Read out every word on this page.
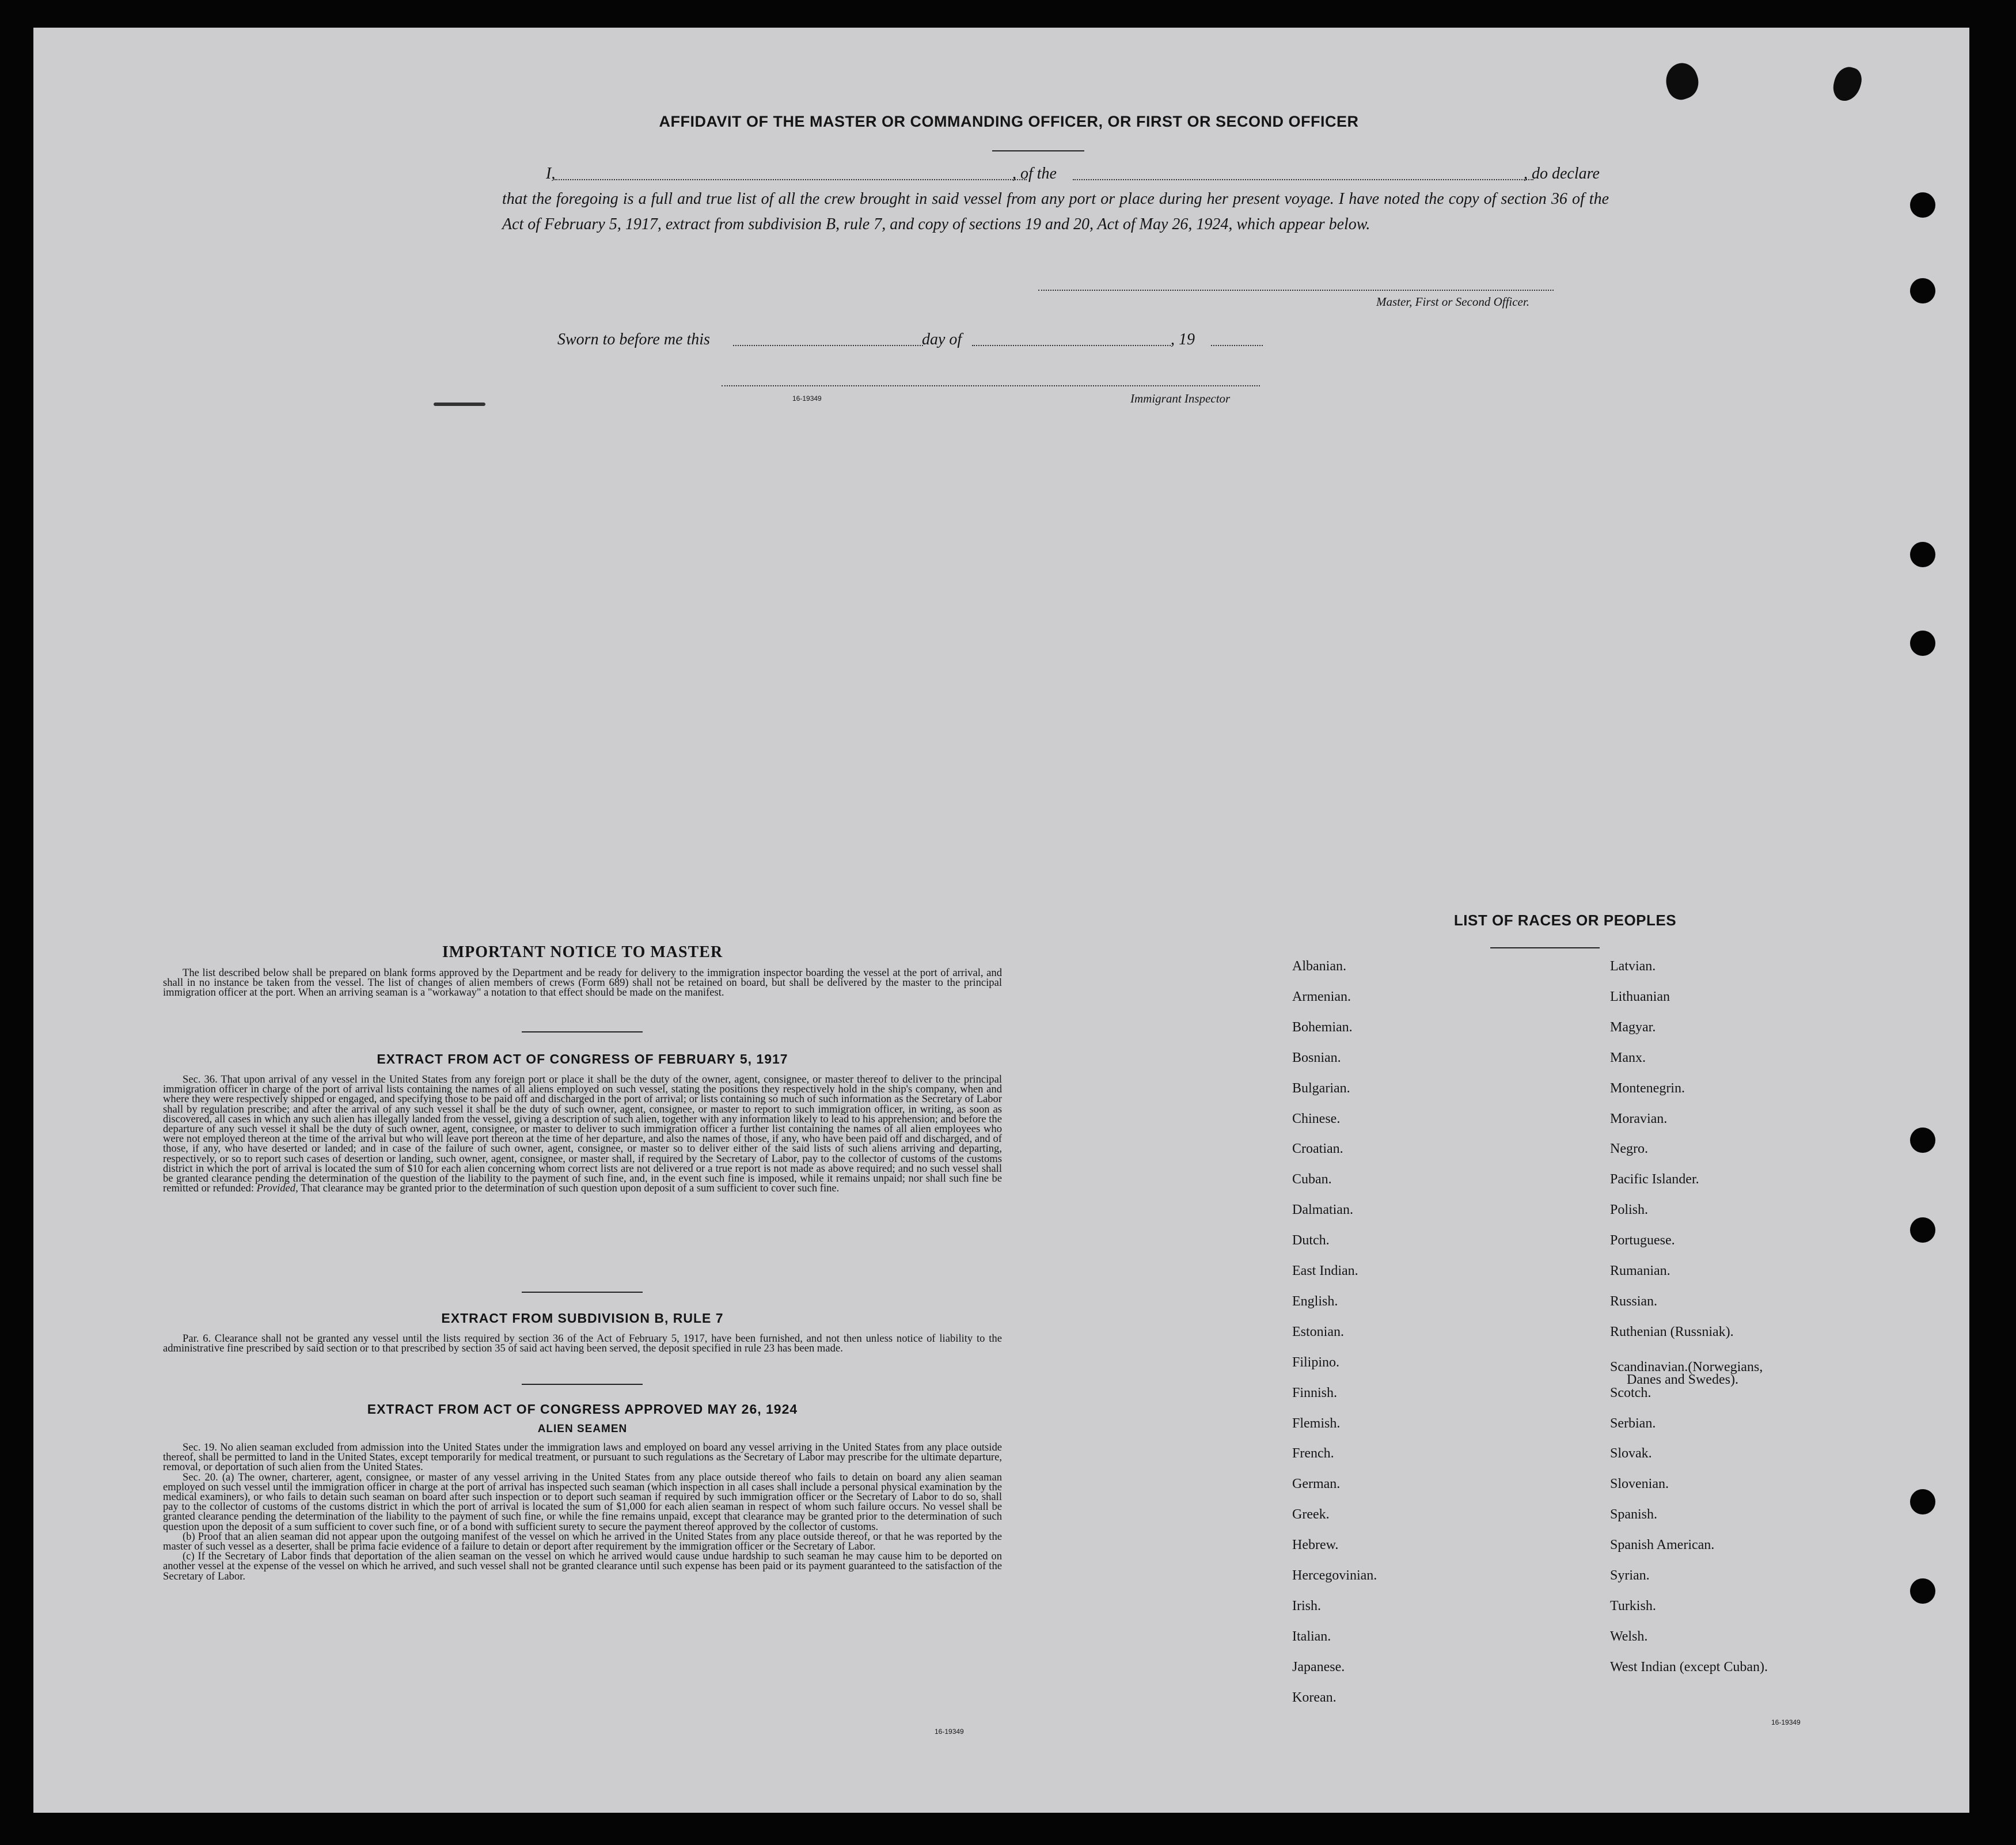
AFFIDAVIT OF THE MASTER OR COMMANDING OFFICER, OR FIRST OR SECOND OFFICER
I,	, of the	, do declare
that the foregoing is a full and true list of all the crew brought in said vessel from any port or place during her present voyage. I have noted the copy of section 36 of the Act of February 5, 1917, extract from subdivision B, rule 7, and copy of sections 19 and 20, Act of May 26, 1924, which appear below.
Master, First or Second Officer.
Sworn to before me this	day of	, 19
16-19349	Immigrant Inspector
IMPORTANT NOTICE TO MASTER

The list described below shall be prepared on blank forms approved by the Department and be ready for delivery to the immigration inspector boarding the vessel at the port of arrival, and shall in no instance be taken from the vessel. The list of changes of alien members of crews (Form 689) shall not be retained on board, but shall be delivered by the master to the principal immigration officer at the port. When an arriving seaman is a "workaway" a notation to that effect should be made on the manifest.

EXTRACT FROM ACT OF CONGRESS OF FEBRUARY 5, 1917

Sec. 36. That upon arrival of any vessel in the United States from any foreign port or place it shall be the duty of the owner, agent, consignee, or master thereof to deliver to the principal immigration officer in charge of the port of arrival lists containing the names of all aliens employed on such vessel, stating the positions they respectively hold in the ship's company, when and where they were respectively shipped or engaged, and specifying those to be paid off and discharged in the port of arrival; or lists containing so much of such information as the Secretary of Labor shall by regulation prescribe; and after the arrival of any such vessel it shall be the duty of such owner, agent, consignee, or master to report to such immigration officer, in writing, as soon as discovered, all cases in which any such alien has illegally landed from the vessel, giving a description of such alien, together with any information likely to lead to his apprehension; and before the departure of any such vessel it shall be the duty of such owner, agent, consignee, or master to deliver to such immigration officer a further list containing the names of all alien employees who were not employed thereon at the time of the arrival but who will leave port thereon at the time of her departure, and also the names of those, if any, who have been paid off and discharged, and of those, if any, who have deserted or landed; and in case of the failure of such owner, agent, consignee, or master so to deliver either of the said lists of such aliens arriving and departing, respectively, or so to report such cases of desertion or landing, such owner, agent, consignee, or master shall, if required by the Secretary of Labor, pay to the collector of customs of the customs district in which the port of arrival is located the sum of $10 for each alien concerning whom correct lists are not delivered or a true report is not made as above required; and no such vessel shall be granted clearance pending the determination of the question of the liability to the payment of such fine, and, in the event such fine is imposed, while it remains unpaid; nor shall such fine be remitted or refunded: Provided, That clearance may be granted prior to the determination of such question upon deposit of a sum sufficient to cover such fine.

EXTRACT FROM SUBDIVISION B, RULE 7

Par. 6. Clearance shall not be granted any vessel until the lists required by section 36 of the Act of February 5, 1917, have been furnished, and not then unless notice of liability to the administrative fine prescribed by said section or to that prescribed by section 35 of said act having been served, the deposit specified in rule 23 has been made.

EXTRACT FROM ACT OF CONGRESS APPROVED MAY 26, 1924
ALIEN SEAMEN

Sec. 19. No alien seaman excluded from admission into the United States under the immigration laws and employed on board any vessel arriving in the United States from any place outside thereof, shall be permitted to land in the United States, except temporarily for medical treatment, or pursuant to such regulations as the Secretary of Labor may prescribe for the ultimate departure, removal, or deportation of such alien from the United States.

Sec. 20. (a) The owner, charterer, agent, consignee, or master of any vessel arriving in the United States from any place outside thereof who fails to detain on board any alien seaman employed on such vessel until the immigration officer in charge at the port of arrival has inspected such seaman (which inspection in all cases shall include a personal physical examination by the medical examiners), or who fails to detain such seaman on board after such inspection or to deport such seaman if required by such immigration officer or the Secretary of Labor to do so, shall pay to the collector of customs of the customs district in which the port of arrival is located the sum of $1,000 for each alien seaman in respect of whom such failure occurs. No vessel shall be granted clearance pending the determination of the liability to the payment of such fine, or while the fine remains unpaid, except that clearance may be granted prior to the determination of such question upon the deposit of a sum sufficient to cover such fine, or of a bond with sufficient surety to secure the payment thereof approved by the collector of customs.

(b) Proof that an alien seaman did not appear upon the outgoing manifest of the vessel on which he arrived in the United States from any place outside thereof, or that he was reported by the master of such vessel as a deserter, shall be prima facie evidence of a failure to detain or deport after requirement by the immigration officer or the Secretary of Labor.

(c) If the Secretary of Labor finds that deportation of the alien seaman on the vessel on which he arrived would cause undue hardship to such seaman he may cause him to be deported on another vessel at the expense of the vessel on which he arrived, and such vessel shall not be granted clearance until such expense has been paid or its payment guaranteed to the satisfaction of the Secretary of Labor.

16-19349
LIST OF RACES OR PEOPLES
16-19349
Albanian.
Armenian.
Bohemian.
Bosnian.
Bulgarian.
Chinese.
Croatian.
Cuban.
Dalmatian.
Dutch.
East Indian.
English.
Estonian.
Filipino.
Finnish.
Flemish.
French.
German.
Greek.
Hebrew.
Hercegovinian.
Irish.
Italian.
Japanese.
Korean.
Latvian.
Lithuanian
Magyar.
Manx.
Montenegrin.
Moravian.
Negro.
Pacific Islander.
Polish.
Portuguese.
Rumanian.
Russian.
Ruthenian (Russniak).
Scandinavian.(Norwegians,
Danes and Swedes).
Scotch.
Serbian.
Slovak.
Slovenian.
Spanish.
Spanish American.
Syrian.
Turkish.
Welsh.
West Indian (except Cuban).
